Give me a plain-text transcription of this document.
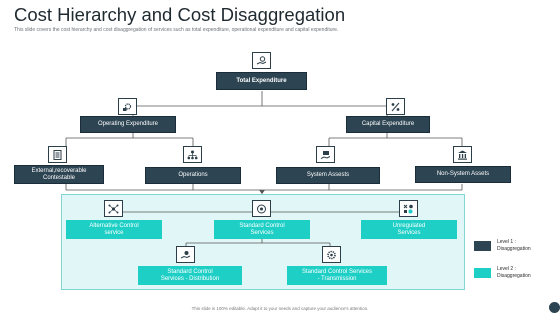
Cost Hierarchy and Cost Disaggregation
This slide covers the cost hierarchy and cost disaggregation of services such as total expenditure, operational expenditure and capital expenditure.
Total Expenditure
Operating Expenditure	Capital Expenditure
External,recoverable Contestable	Operations	System Assests	Non-System Assets
Alternative Control service
Standard Control Services
Unregulated Services
Standard Control Services - Distribution
Standard Control Services - Transmission
Level 1 : Disaggregation
Level 2 : Disaggregation
This slide is 100% editable. Adapt it to your needs and capture your audience's attention.
